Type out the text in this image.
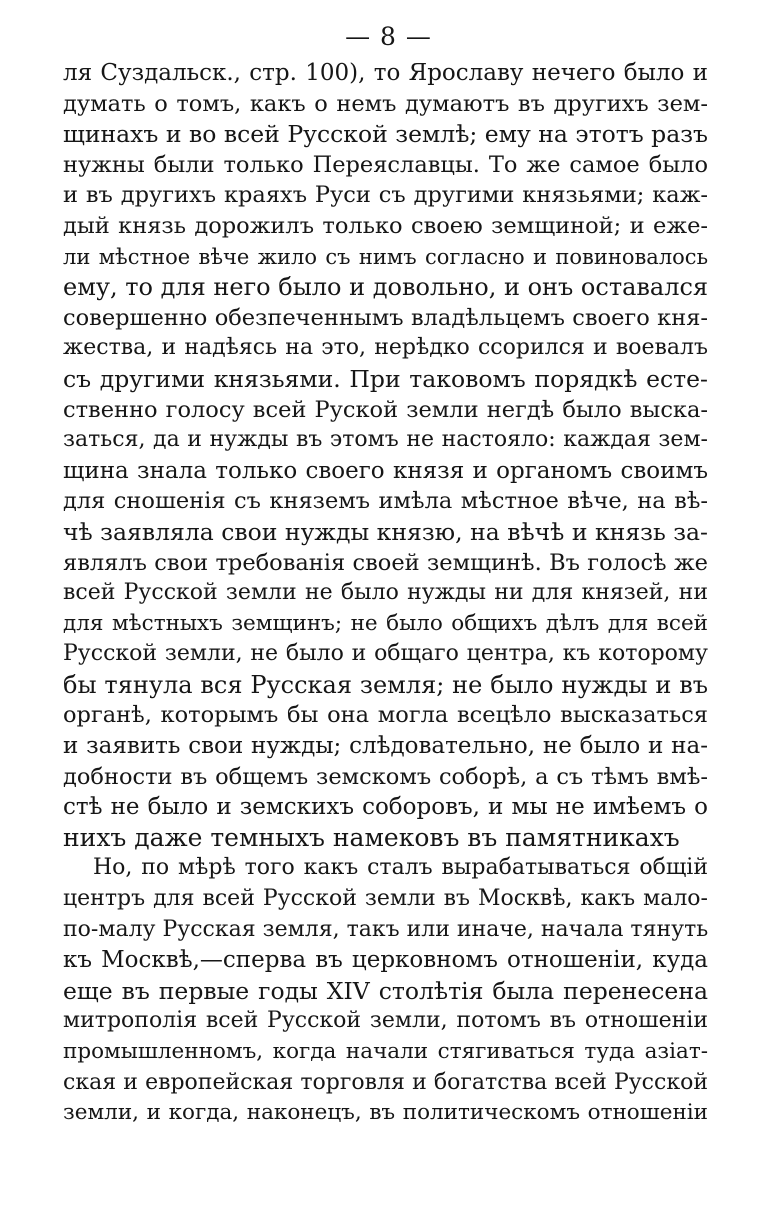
— 8 —
ля Суздальск., стр. 100), то Ярославу нечего было и
думать о томъ, какъ о немъ думаютъ въ другихъ зем-
щинахъ и во всей Русской землѣ; ему на этотъ разъ
нужны были только Переяславцы. То же самое было
и въ другихъ краяхъ Руси съ другими князьями; каж-
дый князь дорожилъ только своею земщиной; и еже-
ли мѣстное вѣче жило съ нимъ согласно и повиновалось
ему, то для него было и довольно, и онъ оставался
совершенно обезпеченнымъ владѣльцемъ своего кня-
жества, и надѣясь на это, нерѣдко ссорился и воевалъ
съ другими князьями. При таковомъ порядкѣ есте-
ственно голосу всей Руской земли негдѣ было выска-
заться, да и нужды въ этомъ не настояло: каждая зем-
щина знала только своего князя и органомъ своимъ
для сношенія съ княземъ имѣла мѣстное вѣче, на вѣ-
чѣ заявляла свои нужды князю, на вѣчѣ и князь за-
являлъ свои требованія своей земщинѣ. Въ голосѣ же
всей Русской земли не было нужды ни для князей, ни
для мѣстныхъ земщинъ; не было общихъ дѣлъ для всей
Русской земли, не было и общаго центра, къ которому
бы тянула вся Русская земля; не было нужды и въ
органѣ, которымъ бы она могла всецѣло высказаться
и заявить свои нужды; слѣдовательно, не было и на-
добности въ общемъ земскомъ соборѣ, а съ тѣмъ вмѣ-
стѣ не было и земскихъ соборовъ, и мы не имѣемъ о
нихъ даже темныхъ намековъ въ памятникахъ
Но, по мѣрѣ того какъ сталъ вырабатываться общій
центръ для всей Русской земли въ Москвѣ, какъ мало-
по-малу Русская земля, такъ или иначе, начала тянуть
къ Москвѣ,—сперва въ церковномъ отношеніи, куда
еще въ первые годы XIV столѣтія была перенесена
митрополія всей Русской земли, потомъ въ отношеніи
промышленномъ, когда начали стягиваться туда азіат-
ская и европейская торговля и богатства всей Русской
земли, и когда, наконецъ, въ политическомъ отношеніи
